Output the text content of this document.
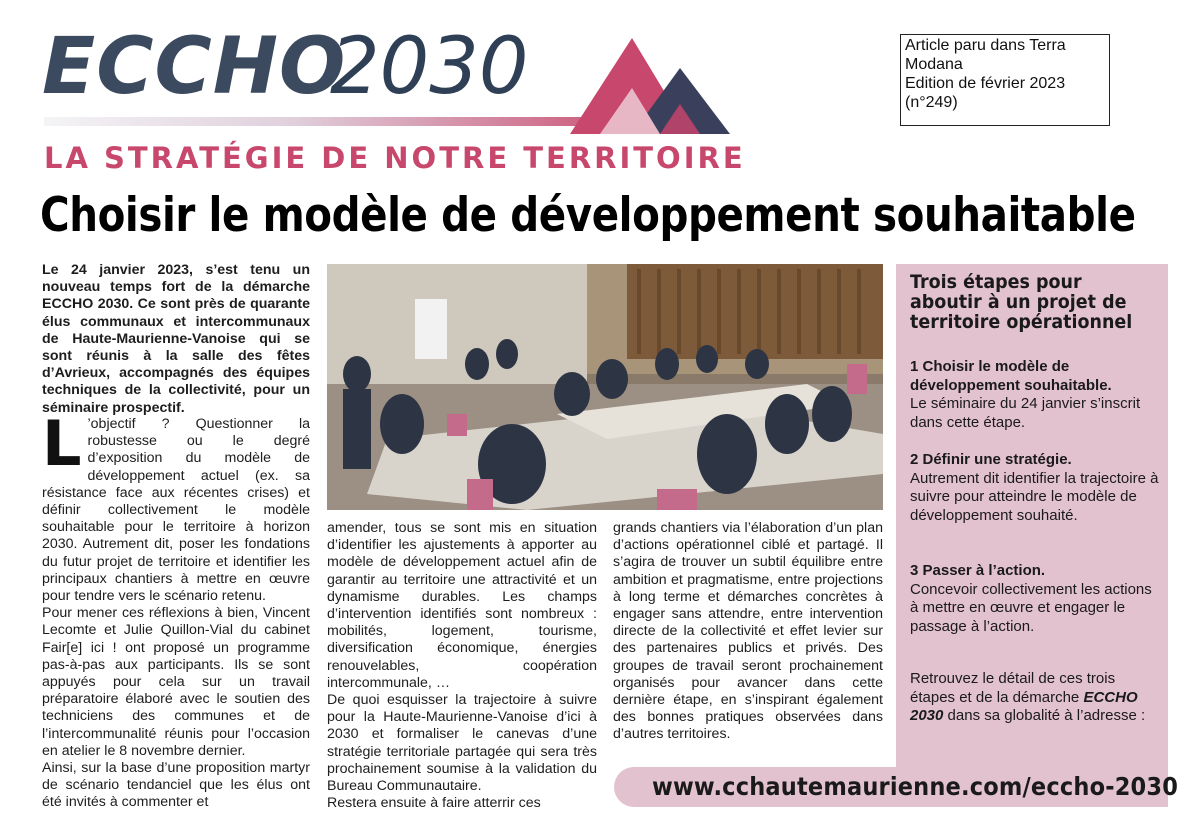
ECCHO
2030
LA STRATÉGIE DE NOTRE TERRITOIRE
Article paru dans Terra
Modana
Edition de février 2023
(n°249)
Choisir le modèle de développement souhaitable
Le 24 janvier 2023, s’est tenu un nouveau temps fort de la démarche ECCHO 2030. Ce sont près de quarante élus communaux et intercommunaux de Haute-Maurienne-Vanoise qui se sont réunis à la salle des fêtes d’Avrieux, accompagnés des équipes techniques de la collectivité, pour un séminaire prospectif.

L ’objectif ? Questionner la robustesse ou le degré d’exposition du modèle de développement actuel (ex. sa résistance face aux récentes crises) et définir collectivement le modèle souhaitable pour le territoire à horizon 2030. Autrement dit, poser les fondations du futur projet de territoire et identifier les principaux chantiers à mettre en œuvre pour tendre vers le scénario retenu.

Pour mener ces réflexions à bien, Vincent Lecomte et Julie Quillon-Vial du cabinet Fair[e] ici ! ont proposé un programme pas-à-pas aux participants. Ils se sont appuyés pour cela sur un travail préparatoire élaboré avec le soutien des techniciens des communes et de l’intercommunalité réunis pour l’occasion en atelier le 8 novembre dernier.

Ainsi, sur la base d’une proposition martyr de scénario tendanciel que les élus ont été invités à commenter et

amender, tous se sont mis en situation d’identifier les ajustements à apporter au modèle de développement actuel afin de garantir au territoire une attractivité et un dynamisme durables. Les champs d’intervention identifiés sont nombreux : mobilités, logement, tourisme, diversification économique, énergies renouvelables, coopération intercommunale, …

De quoi esquisser la trajectoire à suivre pour la Haute-Maurienne-Vanoise d’ici à 2030 et formaliser le canevas d’une stratégie territoriale partagée qui sera très prochainement soumise à la validation du Bureau Communautaire.

Restera ensuite à faire atterrir ces

grands chantiers via l’élaboration d’un plan d’actions opérationnel ciblé et partagé. Il s’agira de trouver un subtil équilibre entre ambition et pragmatisme, entre projections à long terme et démarches concrètes à engager sans attendre, entre intervention directe de la collectivité et effet levier sur des partenaires publics et privés. Des groupes de travail seront prochainement organisés pour avancer dans cette dernière étape, en s’inspirant également des bonnes pratiques observées dans d’autres territoires.

Trois étapes pour aboutir à un projet de territoire opérationnel
1 Choisir le modèle de développement souhaitable.
Le séminaire du 24 janvier s’inscrit dans cette étape.
2 Définir une stratégie.
Autrement dit identifier la trajectoire à suivre pour atteindre le modèle de développement souhaité.
3 Passer à l’action.
Concevoir collectivement les actions à mettre en œuvre et engager le passage à l’action.
Retrouvez le détail de ces trois étapes et de la démarche ECCHO 2030 dans sa globalité à l’adresse :
www.cchautemaurienne.com/eccho-2030
